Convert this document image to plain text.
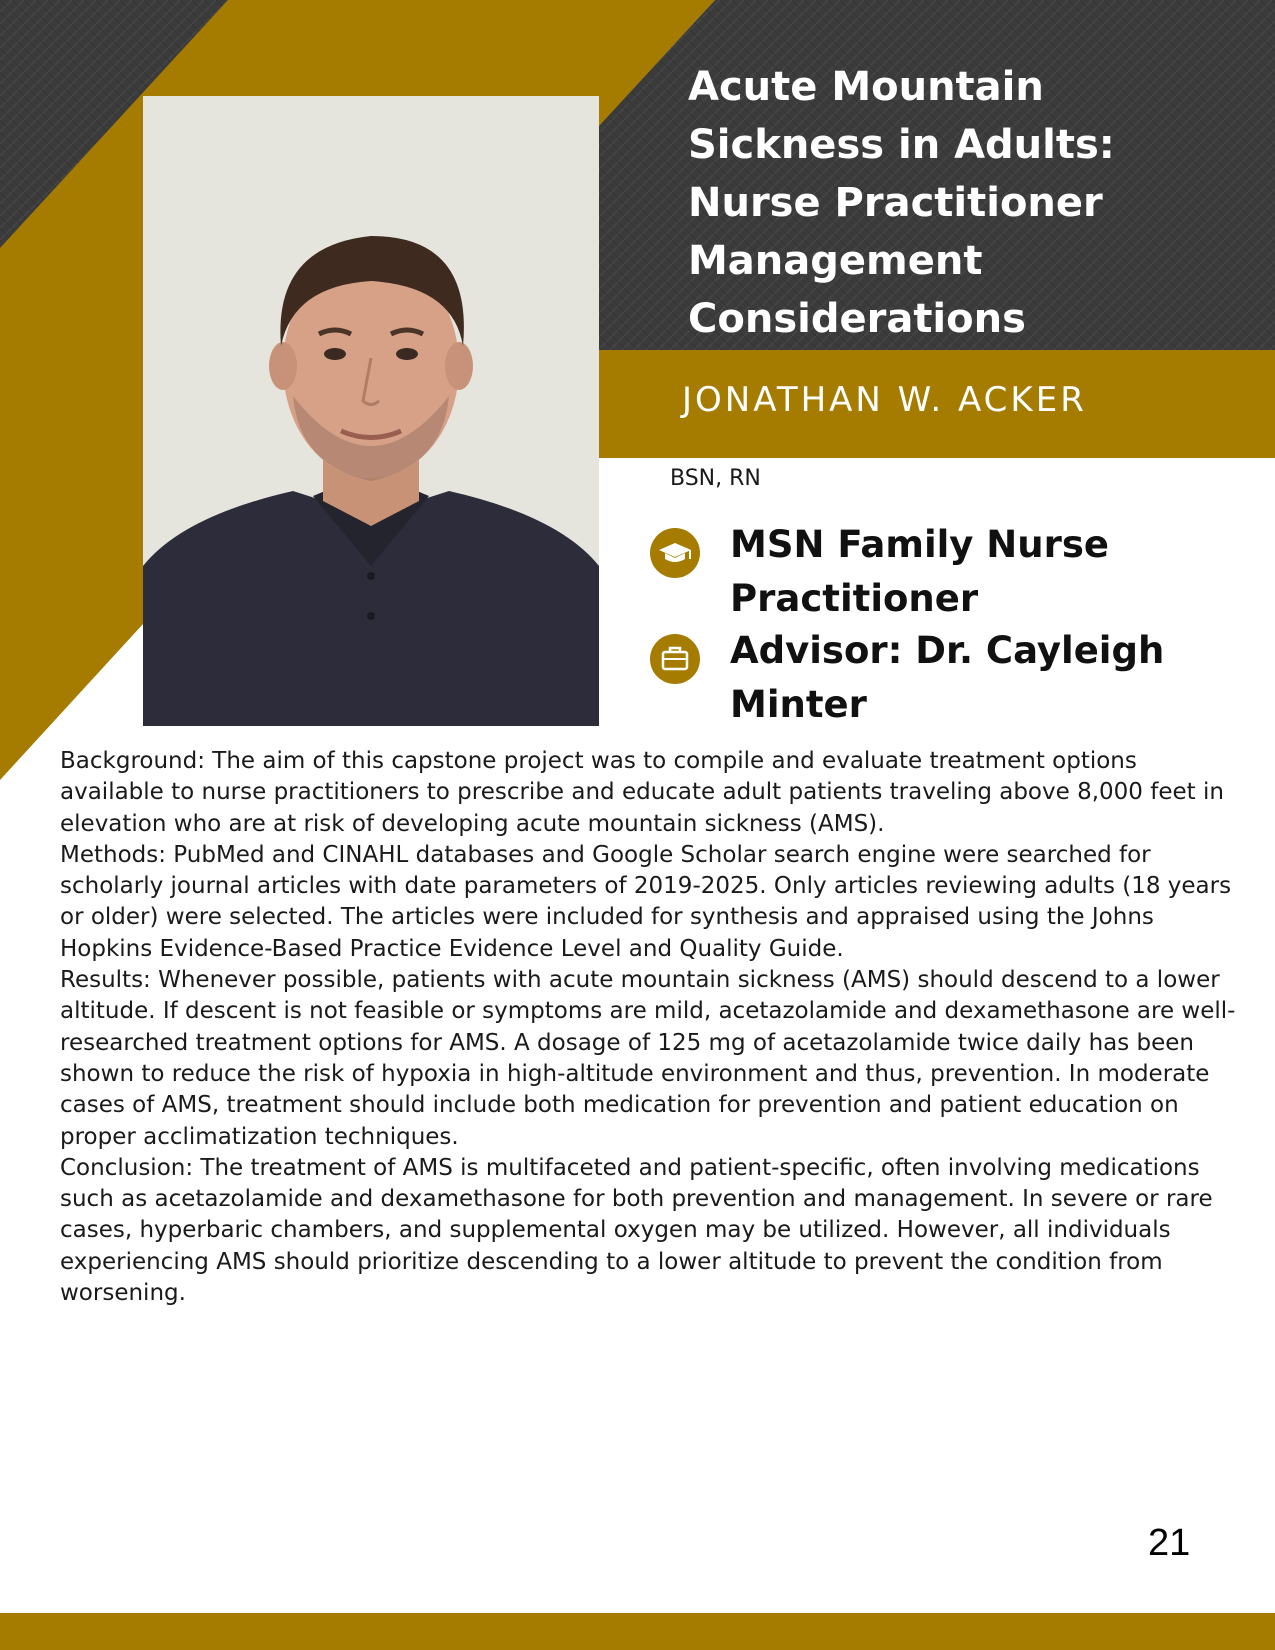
Acute Mountain
Sickness in Adults:
Nurse Practitioner
Management
Considerations
JONATHAN W. ACKER
BSN, RN
MSN Family Nurse
Practitioner
Advisor: Dr. Cayleigh
Minter

Background: The aim of this capstone project was to compile and evaluate treatment options available to nurse practitioners to prescribe and educate adult patients traveling above 8,000 feet in elevation who are at risk of developing acute mountain sickness (AMS).

Methods: PubMed and CINAHL databases and Google Scholar search engine were searched for scholarly journal articles with date parameters of 2019-2025. Only articles reviewing adults (18 years or older) were selected. The articles were included for synthesis and appraised using the Johns Hopkins Evidence-Based Practice Evidence Level and Quality Guide.

Results: Whenever possible, patients with acute mountain sickness (AMS) should descend to a lower altitude. If descent is not feasible or symptoms are mild, acetazolamide and dexamethasone are well-researched treatment options for AMS. A dosage of 125 mg of acetazolamide twice daily has been shown to reduce the risk of hypoxia in high-altitude environment and thus, prevention. In moderate cases of AMS, treatment should include both medication for prevention and patient education on proper acclimatization techniques.

Conclusion: The treatment of AMS is multifaceted and patient-specific, often involving medications such as acetazolamide and dexamethasone for both prevention and management. In severe or rare cases, hyperbaric chambers, and supplemental oxygen may be utilized. However, all individuals experiencing AMS should prioritize descending to a lower altitude to prevent the condition from worsening.

21
